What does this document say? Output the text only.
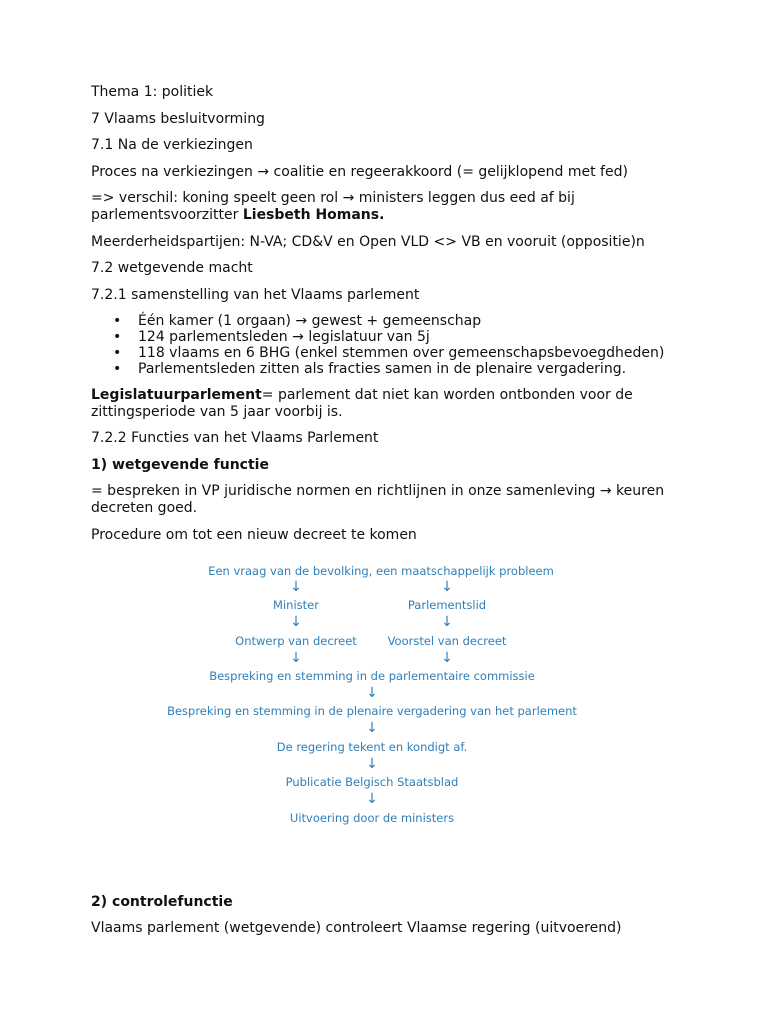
Thema 1: politiek

7 Vlaams besluitvorming

7.1 Na de verkiezingen

Proces na verkiezingen → coalitie en regeerakkoord (= gelijklopend met fed)

=> verschil: koning speelt geen rol → ministers leggen dus eed af bij parlementsvoorzitter Liesbeth Homans.

Meerderheidspartijen: N-VA; CD&V en Open VLD <> VB en vooruit (oppositie)n

7.2 wetgevende macht

7.2.1 samenstelling van het Vlaams parlement

• Één kamer (1 orgaan) → gewest + gemeenschap
• 124 parlementsleden → legislatuur van 5j
• 118 vlaams en 6 BHG (enkel stemmen over gemeenschapsbevoegdheden)
• Parlementsleden zitten als fracties samen in de plenaire vergadering.

Legislatuurparlement= parlement dat niet kan worden ontbonden voor de zittingsperiode van 5 jaar voorbij is.

7.2.2 Functies van het Vlaams Parlement

1) wetgevende functie

= bespreken in VP juridische normen en richtlijnen in onze samenleving → keuren decreten goed.

Procedure om tot een nieuw decreet te komen

Een vraag van de bevolking, een maatschappelijk probleem
↓	↓
Minister	Parlementslid
↓	↓
Ontwerp van decreet	Voorstel van decreet
↓	↓
Bespreking en stemming in de parlementaire commissie
↓
Bespreking en stemming in de plenaire vergadering van het parlement
↓
De regering tekent en kondigt af.
↓
Publicatie Belgisch Staatsblad
↓
Uitvoering door de ministers

2) controlefunctie

Vlaams parlement (wetgevende) controleert Vlaamse regering (uitvoerend)
